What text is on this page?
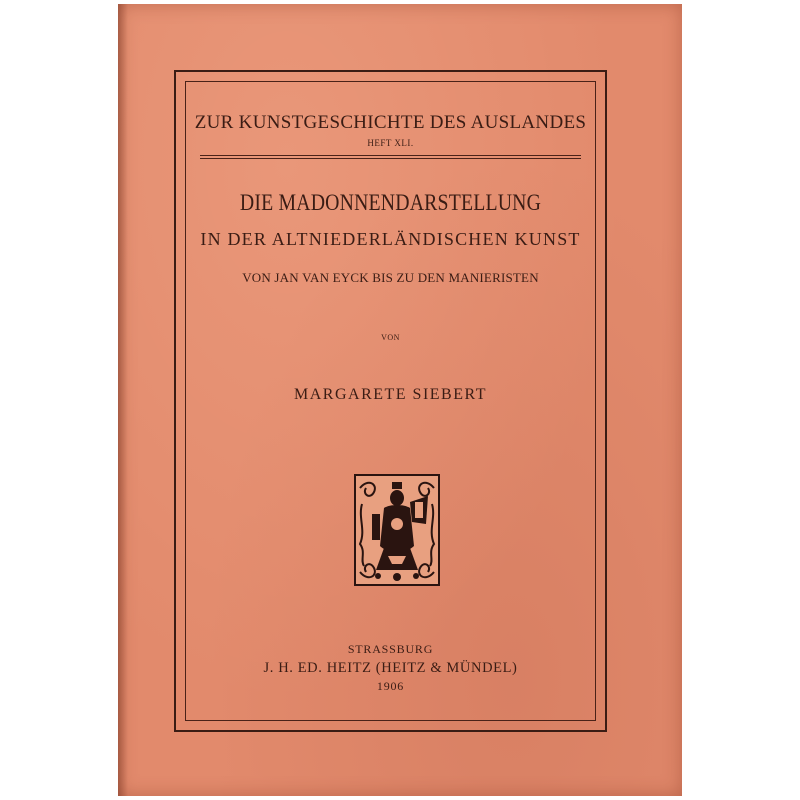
ZUR KUNSTGESCHICHTE DES AUSLANDES
HEFT XLI.
DIE MADONNENDARSTELLUNG
IN DER ALTNIEDERLÄNDISCHEN KUNST
VON JAN VAN EYCK BIS ZU DEN MANIERISTEN
VON
MARGARETE SIEBERT
STRASSBURG
J. H. ED. HEITZ (HEITZ & MÜNDEL)
1906
